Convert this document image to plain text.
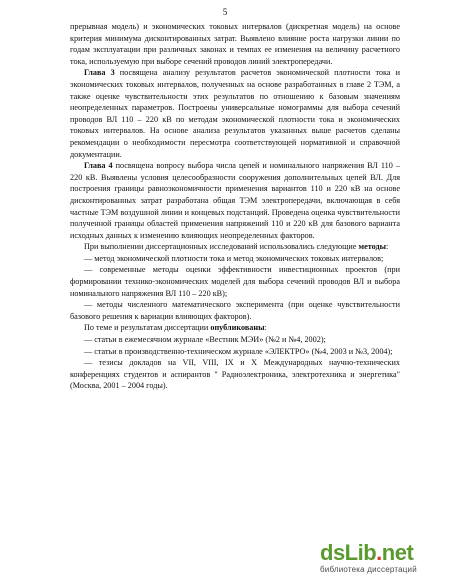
5

прерывная модель) и экономических токовых интервалов (дискретная модель) на основе критерия минимума дисконтированных затрат. Выявлено влияние роста нагрузки линии по годам эксплуатации при различных законах и темпах ее изменения на величину расчетного тока, используемую при выборе сечений проводов линий электропередачи.

Глава 3 посвящена анализу результатов расчетов экономической плотности тока и экономических токовых интервалов, полученных на основе разработанных в главе 2 ТЭМ, а также оценке чувствительности этих результатов по отношению к базовым значениям неопределенных параметров. Построены универсальные номограммы для выбора сечений проводов ВЛ 110 – 220 кВ по методам экономической плотности тока и экономических токовых интервалов. На основе анализа результатов указанных выше расчетов сделаны рекомендации о необходимости пересмотра соответствующей нормативной и справочной документации.

Глава 4 посвящена вопросу выбора числа цепей и номинального напряжения ВЛ 110 – 220 кВ. Выявлены условия целесообразности сооружения дополнительных цепей ВЛ. Для построения границы равноэкономичности применения вариантов 110 и 220 кВ на основе дисконтированных затрат разработана общая ТЭМ электропередачи, включающая в себя частные ТЭМ воздушной линии и концевых подстанций. Проведена оценка чувствительности полученной границы областей применения напряжений 110 и 220 кВ для базового варианта исходных данных к изменению влияющих неопределенных факторов.

При выполнении диссертационных исследований использовались следующие методы:

— метод экономической плотности тока и метод экономических токовых интервалов;

— современные методы оценки эффективности инвестиционных проектов (при формировании технико-экономических моделей для выбора сечений проводов ВЛ и выбора номинального напряжения ВЛ 110 – 220 кВ);

— методы численного математического эксперимента (при оценке чувствительности базового решения к вариации влияющих факторов).

По теме и результатам диссертации опубликованы:

— статьи в ежемесячном журнале «Вестник МЭИ» (№2 и №4, 2002);

— статьи в производственно-техническом журнале «ЭЛЕКТРО» (№4, 2003 и №3, 2004);

— тезисы докладов на VII, VIII, IX и X Международных научно-технических конференциях студентов и аспирантов " Радиоэлектроника, электротехника и энергетика" (Москва, 2001 – 2004 годы).

dsLib.net
библиотека диссертаций
